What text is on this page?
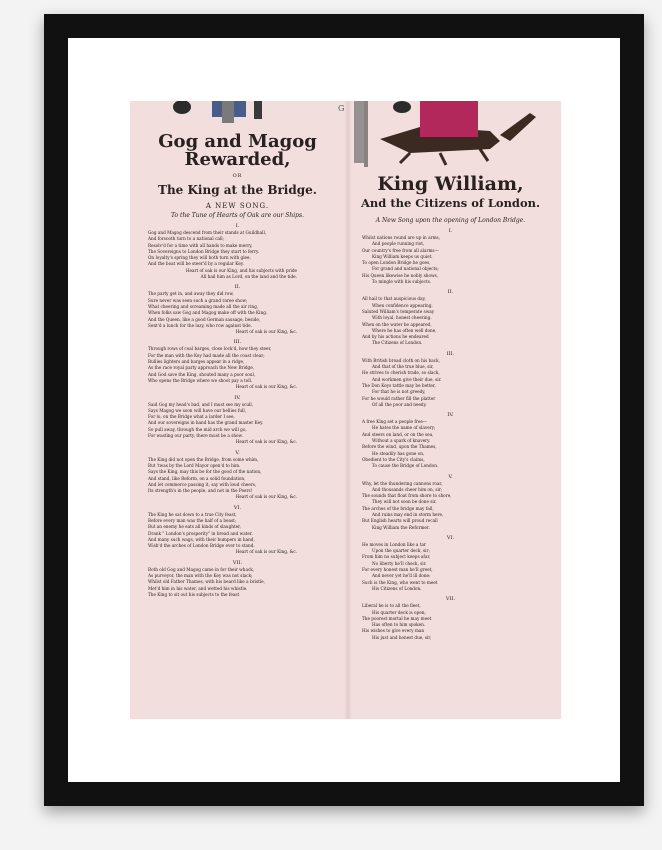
G
Gog and Magog
Rewarded,
OR
The King at the Bridge.
A NEW SONG.
To the Tune of Hearts of Oak are our Ships.
I.
Gog and Magog descend from their stands at Guildhall,
And forsooth turn to a national call;
Resolv'd for a time with all hands to make merry,
The Sovereigns to London Bridge they start to ferry.
On loyalty's spring they will both turn with glee,
And the boat will be steer'd by a regular Key.
Heart of oak is our King, and his subjects with pride
All hail him as Lord, on the land and the tide.
II.
The party get in, and away they did row,
Sure never was seen such a grand raree show;
What cheering and screaming made all the air ring,
When folks saw Gog and Magog make off with the King.
And the Queen, like a good German sausage, beside,
Sent'd a lunch for the lazy, who row against tide.
Heart of oak is our King, &c.
III.
Through rows of coal barges, close lock'd, how they steer,
For the man with the Key had made all the coast clear;
Bullies lighters and barges appear in a ridge,
As the race royal party approach the New Bridge,
And God save the King, shouted many a poor soul,
Who opens the Bridge where we shoot pay a toll.
Heart of oak is our King, &c.
IV.
Said Gog my head's bad, and I must see my scull,
Says Magog we soon will have our bellies full,
For lo, on the Bridge what a larder I see,
And our sovereigns in hand has the grand master Key.
So pull away, through the mid arch we will go,
For wasting our party, there must be a show.
Heart of oak is our King, &c.
V.
The King did not open the Bridge, from some whim,
But 'twas by the Lord Mayor open'd to him.
Says the King, may this be for the good of the nation,
And stand, like Reform, on a solid foundation,
And let commerce passing it, say with loud cheers,
Its strength's in the people, and not in the Peers!
Heart of oak is our King, &c.
VI.
The King he sat down to a true City feast,
Before every man was the half of a beast;
But an enemy he eats all kinds of slaughter,
Drank " London's prosperity" in bread and water.
And many such wags, with their bumpers in hand,
Wish'd the arches of London Bridge ever to stand.
Heart of oak is our King, &c.
VII.
Both old Gog and Magog came in for their whack,
As purveyor, the man with the Key was not slack;
Whilst old Father Thames, with his beard like a bristle,
Met'd him in his water, and wetted his whistle.
The King to sit out his subjects to the feast
King William,
And the Citizens of London.
A New Song upon the opening of London Bridge.
I.
Whilst nations round are up in arms,
And people running riot,
Our country's free from all alarms—
King William keeps us quiet.
To open London Bridge he goes,
For grand and national objects;
His Queen likewise he nobly shows,
To mingle with his subjects.
II.
All hail to that auspicious day,
When confidence appearing,
Saluted William's temperate sway
With loyal, honest cheering.
When on the water he appeared,
Where he has often well done,
And by his actions he endeared
The Citizens of London.
III.
With British broad cloth on his back,
And that of the true blue, sir,
He strives to cherish trade, so slack,
And workmen give their due, sir.
The Don Keys tattle may be better,
For that he is not greedy,
For he would rather fill the platter
Of all the poor and needy.
IV.
A free King set a people free—
He hates the name of slavery;
And steers on land, or on the sea,
Without a spark of knavery.
Before the wind, upon the Thames,
He steadily has gone on,
Obedient to the City's claims,
To cause the Bridge of London.
V.
Why, let the thundering cannons roar,
And thousands cheer him on, sir;
The sounds that float from shore to shore,
They will not soon be done sir.
The arches of the bridge may fall,
And ruins may end in storm here,
But English hearts will proud recall
King William the Reformer.
VI.
He moves in London like a tar
Upon the quarter deck, sir;
From him no subject keeps afar,
No liberty he'll check, sir.
For every honest man he'll greet,
And never yet he'll ill done:
Such is the King, who went to meet
His Citizens of London.
VII.
Liberal he is to all the fleet,
His quarter deck is open;
The poorest mortal he may meet
Has often to him spoken.
His wishes to give every man
His just and honest due, sir,
